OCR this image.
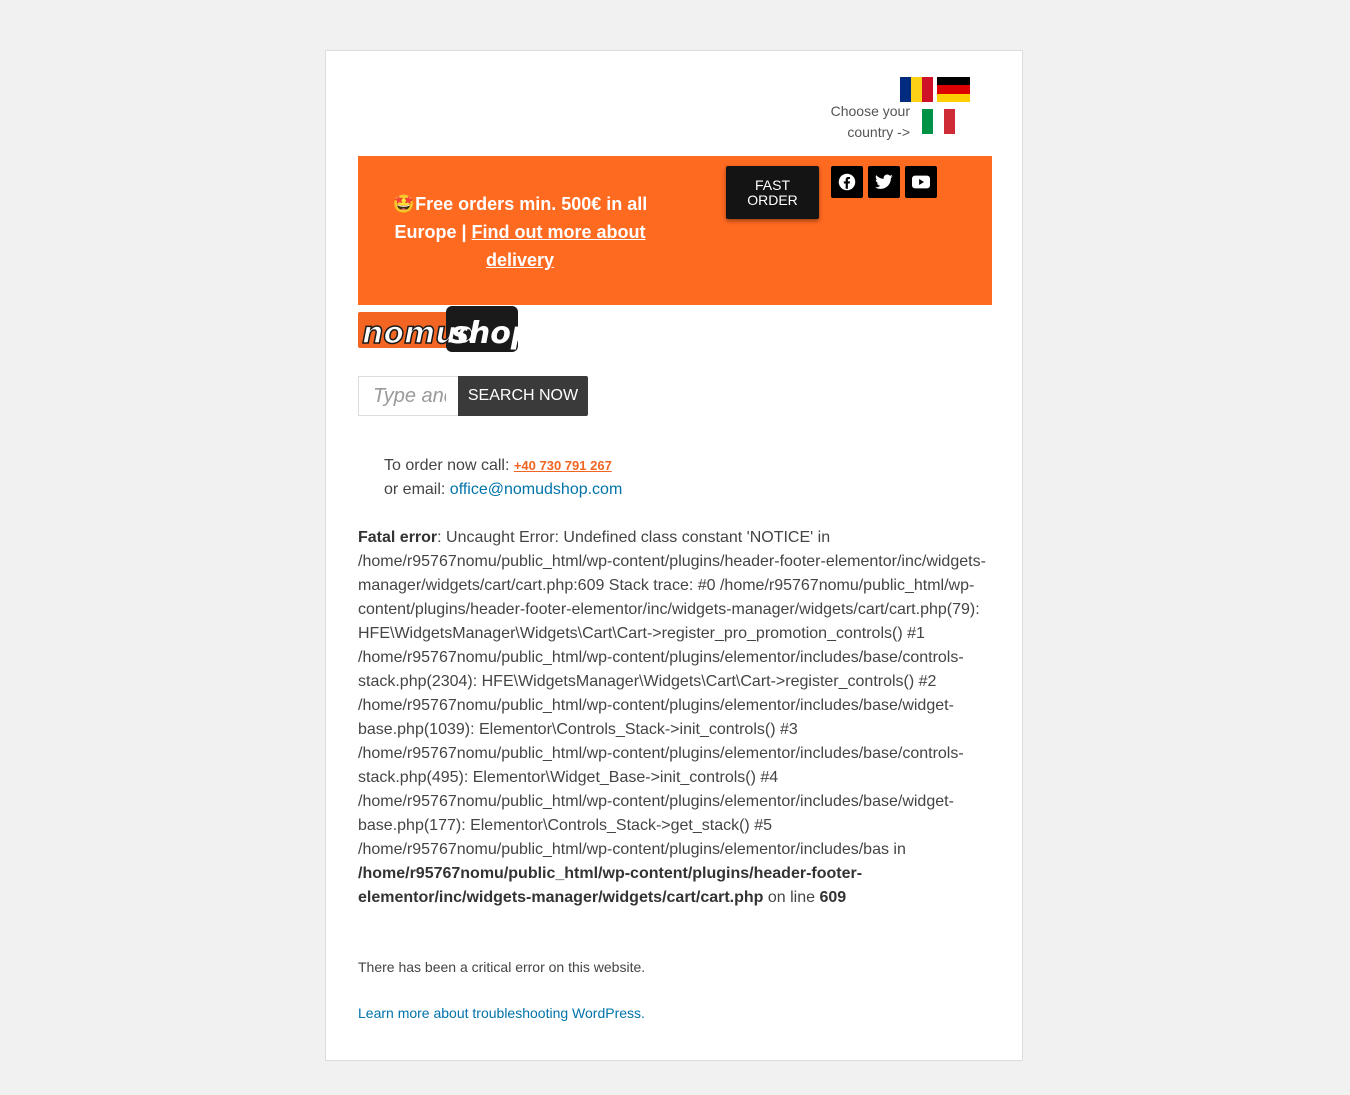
Choose your country ->
🤩Free orders min. 500€ in all Europe | Find out more about delivery
FAST ORDER
nomud
sho
Type and hit enter
SEARCH NOW
To order now call: +40 730 791 267
or email: office@nomudshop.com
Fatal error: Uncaught Error: Undefined class constant 'NOTICE' in /home/r95767nomu/public_html/wp-content/plugins/header-footer-elementor/inc/widgets-manager/widgets/cart/cart.php:609 Stack trace: #0 /home/r95767nomu/public_html/wp-content/plugins/header-footer-elementor/inc/widgets-manager/widgets/cart/cart.php(79): HFE\WidgetsManager\Widgets\Cart\Cart->register_pro_promotion_controls() #1 /home/r95767nomu/public_html/wp-content/plugins/elementor/includes/base/controls-stack.php(2304): HFE\WidgetsManager\Widgets\Cart\Cart->register_controls() #2 /home/r95767nomu/public_html/wp-content/plugins/elementor/includes/base/widget-base.php(1039): Elementor\Controls_Stack->init_controls() #3 /home/r95767nomu/public_html/wp-content/plugins/elementor/includes/base/controls-stack.php(495): Elementor\Widget_Base->init_controls() #4 /home/r95767nomu/public_html/wp-content/plugins/elementor/includes/base/widget-base.php(177): Elementor\Controls_Stack->get_stack() #5 /home/r95767nomu/public_html/wp-content/plugins/elementor/includes/bas in /home/r95767nomu/public_html/wp-content/plugins/header-footer-elementor/inc/widgets-manager/widgets/cart/cart.php on line 609
There has been a critical error on this website.
Learn more about troubleshooting WordPress.
